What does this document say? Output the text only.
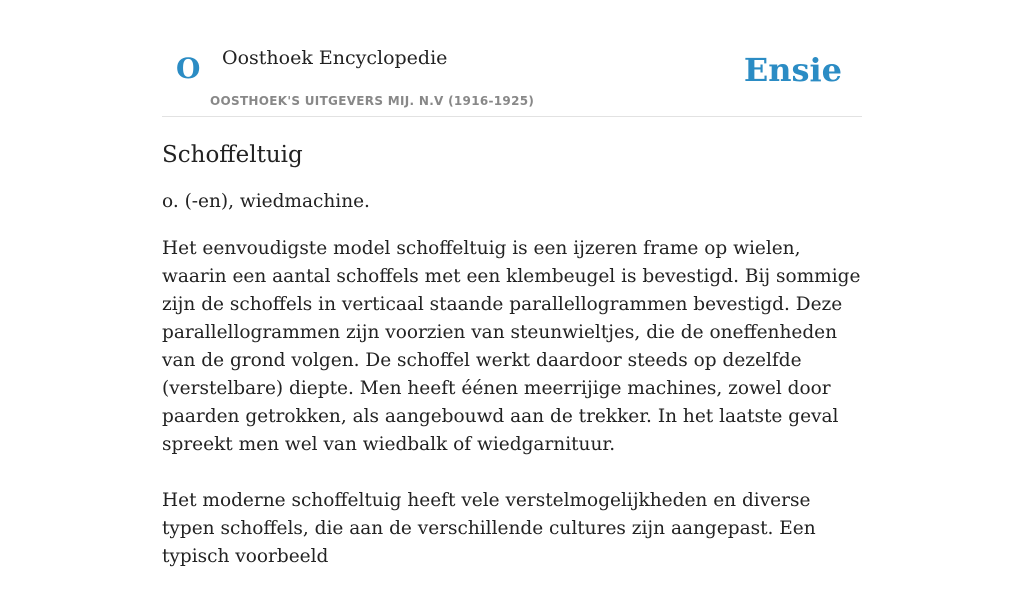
O Oosthoek Encyclopedie
OOSTHOEK'S UITGEVERS MIJ. N.V (1916-1925)
Ensie
Schoffeltuig

o. (-en), wiedmachine.

Het eenvoudigste model schoffeltuig is een ijzeren frame op wielen, waarin een aantal schoffels met een klembeugel is bevestigd. Bij sommige zijn de schoffels in verticaal staande parallellogrammen bevestigd. Deze parallellogrammen zijn voorzien van steunwieltjes, die de oneffenheden van de grond volgen. De schoffel werkt daardoor steeds op dezelfde (verstelbare) diepte. Men heeft éénen meerrijige machines, zowel door paarden getrokken, als aangebouwd aan de trekker. In het laatste geval spreekt men wel van wiedbalk of wiedgarnituur.

Het moderne schoffeltuig heeft vele verstelmogelijkheden en diverse typen schoffels, die aan de verschillende cultures zijn aangepast. Een typisch voorbeeld
